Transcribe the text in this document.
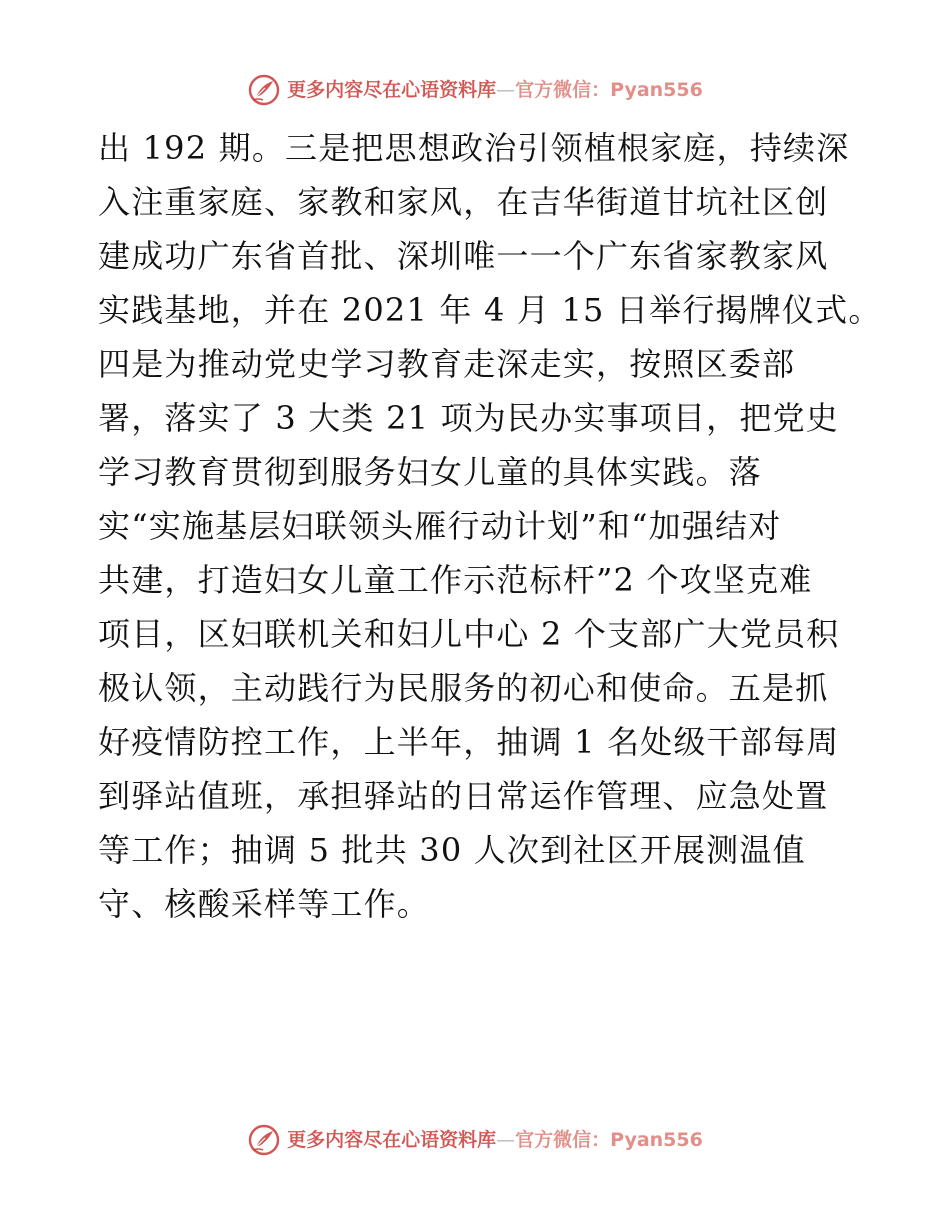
更多内容尽在心语资料库 — 官方微信：Pyan556
出 192 期。三是把思想政治引领植根家庭，持续深
入注重家庭、家教和家风，在吉华街道甘坑社区创
建成功广东省首批、深圳唯一一个广东省家教家风
实践基地，并在 2021 年 4 月 15 日举行揭牌仪式。
四是为推动党史学习教育走深走实，按照区委部
署，落实了 3 大类 21 项为民办实事项目，把党史
学习教育贯彻到服务妇女儿童的具体实践。落
实“实施基层妇联领头雁行动计划”和“加强结对
共建，打造妇女儿童工作示范标杆”2 个攻坚克难
项目，区妇联机关和妇儿中心 2 个支部广大党员积
极认领，主动践行为民服务的初心和使命。五是抓
好疫情防控工作，上半年，抽调 1 名处级干部每周
到驿站值班，承担驿站的日常运作管理、应急处置
等工作；抽调 5 批共 30 人次到社区开展测温值
守、核酸采样等工作。
更多内容尽在心语资料库 — 官方微信：Pyan556
